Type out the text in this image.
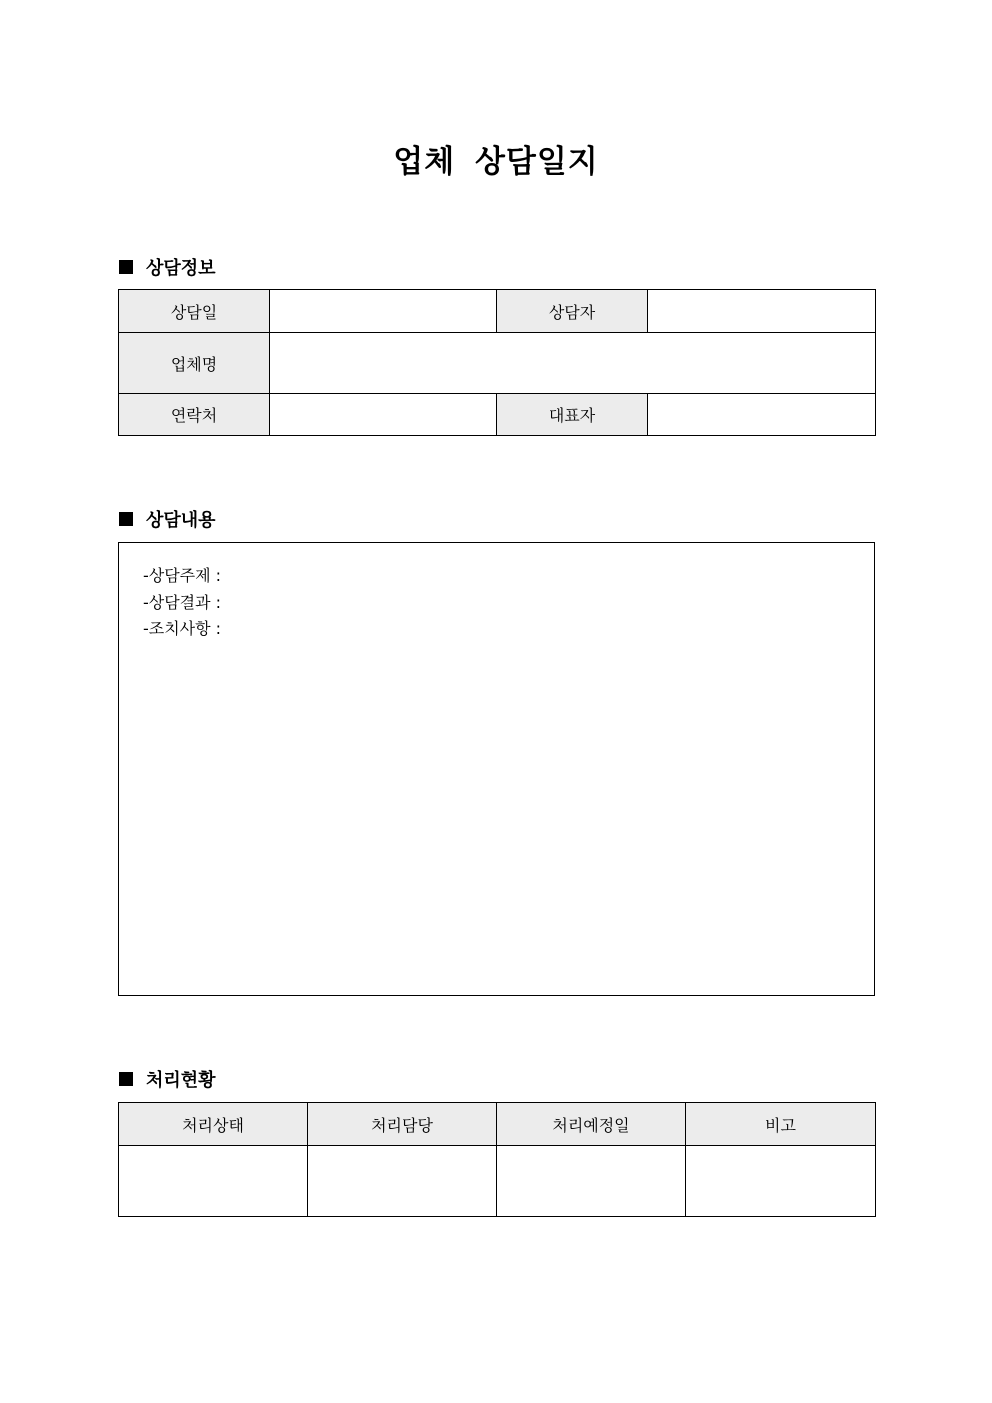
업체 상담일지
상담정보
상담일		상담자	
업체명			
연락처		대표자	
상담내용
-상담주제 :
-상담결과 :
-조치사항 :
처리현황
처리상태	처리담당	처리예정일	비고
